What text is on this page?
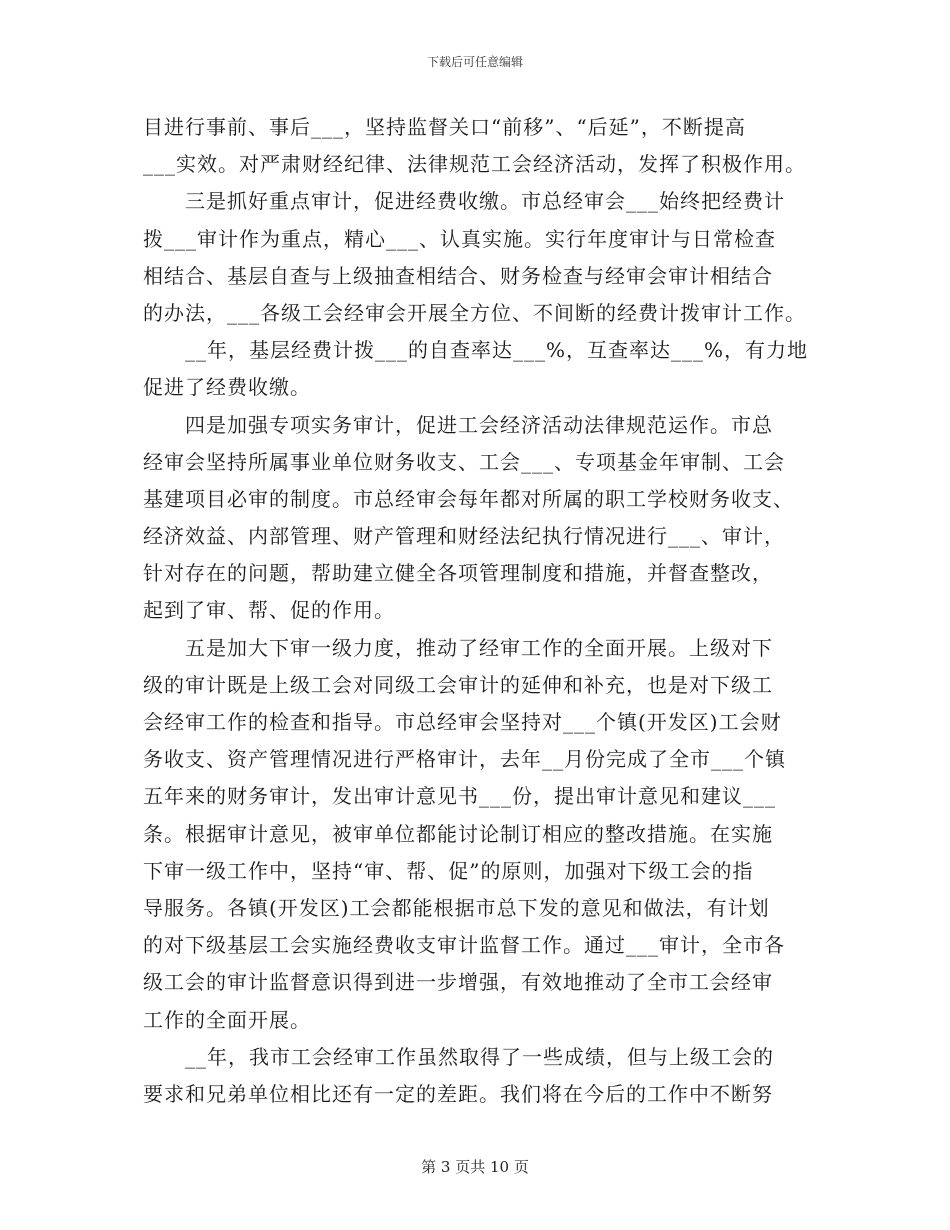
下载后可任意编辑
目进行事前、事后___，坚持监督关口“前移”、“后延”，不断提高
___实效。对严肃财经纪律、法律规范工会经济活动，发挥了积极作用。
　　三是抓好重点审计，促进经费收缴。市总经审会___始终把经费计
拨___审计作为重点，精心___、认真实施。实行年度审计与日常检查
相结合、基层自查与上级抽查相结合、财务检查与经审会审计相结合
的办法，___各级工会经审会开展全方位、不间断的经费计拨审计工作。
　　__年，基层经费计拨___的自查率达___%，互查率达___%，有力地
促进了经费收缴。
　　四是加强专项实务审计，促进工会经济活动法律规范运作。市总
经审会坚持所属事业单位财务收支、工会___、专项基金年审制、工会
基建项目必审的制度。市总经审会每年都对所属的职工学校财务收支、
经济效益、内部管理、财产管理和财经法纪执行情况进行___、审计，
针对存在的问题，帮助建立健全各项管理制度和措施，并督查整改，
起到了审、帮、促的作用。
　　五是加大下审一级力度，推动了经审工作的全面开展。上级对下
级的审计既是上级工会对同级工会审计的延伸和补充，也是对下级工
会经审工作的检查和指导。市总经审会坚持对___个镇(开发区)工会财
务收支、资产管理情况进行严格审计，去年__月份完成了全市___个镇
五年来的财务审计，发出审计意见书___份，提出审计意见和建议___
条。根据审计意见，被审单位都能讨论制订相应的整改措施。在实施
下审一级工作中，坚持“审、帮、促”的原则，加强对下级工会的指
导服务。各镇(开发区)工会都能根据市总下发的意见和做法，有计划
的对下级基层工会实施经费收支审计监督工作。通过___审计，全市各
级工会的审计监督意识得到进一步增强，有效地推动了全市工会经审
工作的全面开展。
　　__年，我市工会经审工作虽然取得了一些成绩，但与上级工会的
要求和兄弟单位相比还有一定的差距。我们将在今后的工作中不断努
第 3 页共 10 页
